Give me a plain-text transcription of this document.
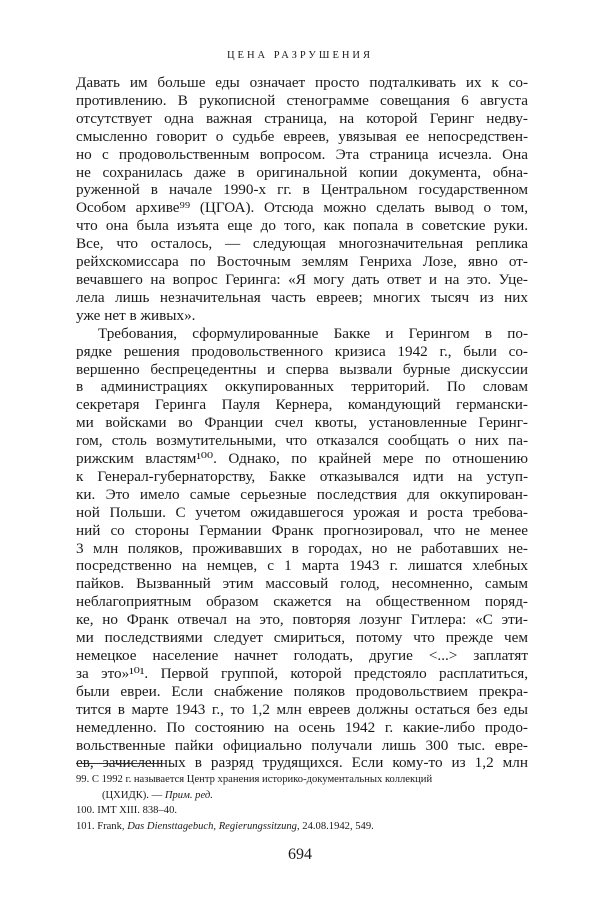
ЦЕНА РАЗРУШЕНИЯ
Давать им больше еды означает просто подталкивать их к со-
противлению. В рукописной стенограмме совещания 6 августа
отсутствует одна важная страница, на которой Геринг недву-
смысленно говорит о судьбе евреев, увязывая ее непосредствен-
но с продовольственным вопросом. Эта страница исчезла. Она
не сохранилась даже в оригинальной копии документа, обна-
руженной в начале 1990-х гг. в Центральном государственном
Особом архиве⁹⁹ (ЦГОА). Отсюда можно сделать вывод о том,
что она была изъята еще до того, как попала в советские руки.
Все, что осталось, — следующая многозначительная реплика
рейхскомиссара по Восточным землям Генриха Лозе, явно от-
вечавшего на вопрос Геринга: «Я могу дать ответ и на это. Уце-
лела лишь незначительная часть евреев; многих тысяч из них
уже нет в живых».
Требования, сформулированные Бакке и Герингом в по-
рядке решения продовольственного кризиса 1942 г., были со-
вершенно беспрецедентны и сперва вызвали бурные дискуссии
в администрациях оккупированных территорий. По словам
секретаря Геринга Пауля Кернера, командующий германски-
ми войсками во Франции счел квоты, установленные Геринг-
гом, столь возмутительными, что отказался сообщать о них па-
рижским властям¹⁰⁰. Однако, по крайней мере по отношению
к Генерал-губернаторству, Бакке отказывался идти на уступ-
ки. Это имело самые серьезные последствия для оккупирован-
ной Польши. С учетом ожидавшегося урожая и роста требова-
ний со стороны Германии Франк прогнозировал, что не менее
3 млн поляков, проживавших в городах, но не работавших не-
посредственно на немцев, с 1 марта 1943 г. лишатся хлебных
пайков. Вызванный этим массовый голод, несомненно, самым
неблагоприятным образом скажется на общественном поряд-
ке, но Франк отвечал на это, повторяя лозунг Гитлера: «С эти-
ми последствиями следует смириться, потому что прежде чем
немецкое население начнет голодать, другие <...> заплатят
за это»¹⁰¹. Первой группой, которой предстояло расплатиться,
были евреи. Если снабжение поляков продовольствием прекра-
тится в марте 1943 г., то 1,2 млн евреев должны остаться без еды
немедленно. По состоянию на осень 1942 г. какие-либо продо-
вольственные пайки официально получали лишь 300 тыс. евре-
ев, зачисленных в разряд трудящихся. Если кому-то из 1,2 млн
99. С 1992 г. называется Центр хранения историко-документальных коллекций
(ЦХИДК). — Прим. ред.
100. IMT XIII. 838–40.
101. Frank, Das Diensttagebuch, Regierungssitzung, 24.08.1942, 549.
694
